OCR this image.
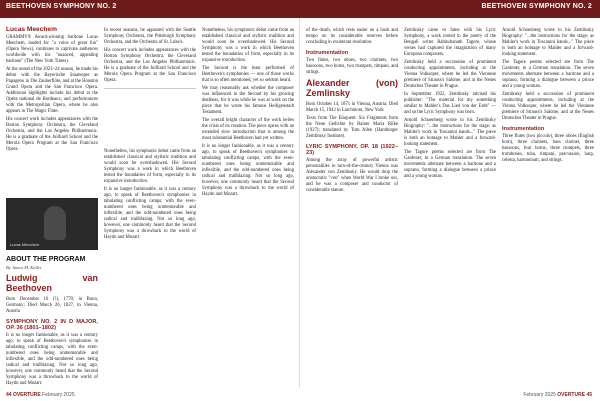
BEETHOVEN SYMPHONY NO. 2	BEETHOVEN SYMPHONY NO. 2
Lucas Meechem

GRAMMY® Award-winning baritone Lucas Meechem, lauded for "a voice of great fun" (Opera News), continues to captivate audiences worldwide with his "nuanced, appealing baritone" (The New York Times).

At the outset of the 2023–24 season, he made his debut with the Bayerische Staatsoper as Papageno in Die Zauberflöte, and at the Houston Grand Opera and the San Francisco Opera. Additional highlights include his debut at the Opéra national de Bordeaux, and performances with the Metropolitan Opera, where he also appears in The Magic Flute.

His concert work includes appearances with the Boston Symphony Orchestra, the Cleveland Orchestra, and the Los Angeles Philharmonic. He is a graduate of the Juilliard School and the Merola Opera Program at the San Francisco Opera.

Lucas Meechem
ABOUT THE PROGRAM
By James M. Keller
Ludwig van Beethoven

Born December 16 (?), 1770, in Bonn, Germany; Died March 26, 1827, in Vienna, Austria

SYMPHONY NO. 2 IN D MAJOR, OP. 36 (1801–1802)

It is no longer fashionable, as it was a century ago, to speak of Beethoven's symphonies in tabulating conflicting camps, with the even-numbered ones being unmemorable and inflexible, and the odd-numbered ones being radical and trailblazing. Not so long ago, however, one commonly heard that the Second Symphony was a throwback to the world of Haydn and Mozart.

In recent seasons, he appeared with the Seattle Symphony Orchestra, the Pittsburgh Symphony Orchestra, and the Orchestra of St. Luke's.

His concert work includes appearances with the Boston Symphony Orchestra, the Cleveland Orchestra, and the Los Angeles Philharmonic. He is a graduate of the Juilliard School and the Merola Opera Program at the San Francisco Opera.

Nonetheless, his symphonic debut came from an established classical and stylistic tradition and would soon be overshadowed. His Second Symphony was a work in which Beethoven tested the boundaries of form, especially in its expansive introduction.

It is no longer fashionable, as it was a century ago, to speak of Beethoven's symphonies in tabulating conflicting camps, with the even-numbered ones being unmemorable and inflexible, and the odd-numbered ones being radical and trailblazing. Not so long ago, however, one commonly heard that the Second Symphony was a throwback to the world of Haydn and Mozart.

Nonetheless, his symphonic debut came from an established classical and stylistic tradition and would soon be overshadowed. His Second Symphony was a work in which Beethoven tested the boundaries of form, especially in its expansive introduction.

The Second is the least performed of Beethoven's symphonies — one of those works that is so often mentioned, yet so seldom heard.

We may reasonably ask whether the composer was influenced in the Second by his growing deafness, for it was while he was at work on the piece that he wrote his famous Heiligenstadt Testament.

The overall bright character of the work belies the crisis of its creation. The piece opens with an extended slow introduction that is among the most substantial Beethoven had yet written.

It is no longer fashionable, as it was a century ago, to speak of Beethoven's symphonies in tabulating conflicting camps, with the even-numbered ones being unmemorable and inflexible, and the odd-numbered ones being radical and trailblazing. Not so long ago, however, one commonly heard that the Second Symphony was a throwback to the world of Haydn and Mozart.

44 OVERTURE February 2025

of the death, which rests easier on a hush and tempo on its considerable reserves before concluding in exuberant resolution.

Instrumentation

Two flutes, two oboes, two clarinets, two bassoons, two horns, two trumpets, timpani, and strings.

Alexander (von) Zemlinsky

Born October 14, 1871 in Vienna, Austria; Died March 15, 1942 in Larchmont, New York

Texts from The Eloquent: Six Fragments from the Neue Gedichte by Rainer Maria Rilke (1927); translated by Tom Allen (Hamburger Zemlinsky Institute).

LYRIC SYMPHONY, OP. 18 (1922–23)

Among the array of powerful artistic personalities in turn-of-the-century Vienna was Alexander von Zemlinsky. He would drop the aristocratic "von" when World War I broke out, and he was a composer and conductor of considerable stature.

Zemlinsky came to fame with his Lyric Symphony, a work rooted in the poetry of the Bengali writer Rabindranath Tagore, whose verses had captured the imagination of many European composers.

Zemlinsky held a succession of prominent conducting appointments, including at the Vienna Volksoper, where he led the Viennese premiere of Strauss's Salome, and at the Neues Deutsches Theater in Prague.

In September 1922, Zemlinsky advised his publisher: "The material for my something similar to Mahler's Das Lied von der Erde" — and so the Lyric Symphony was born.

Arnold Schoenberg wrote in his Zemlinsky Biography: "...the instructions for the stage; as Mahler's work in Toscanini hands..." The piece is both an homage to Mahler and a forward-looking statement.

The Tagore poems selected are from The Gardener, in a German translation. The seven movements alternate between a baritone and a soprano, forming a dialogue between a prince and a young woman.

Arnold Schoenberg wrote in his Zemlinsky Biography: "...the instructions for the stage; as Mahler's work in Toscanini hands..." The piece is both an homage to Mahler and a forward-looking statement.

The Tagore poems selected are from The Gardener, in a German translation. The seven movements alternate between a baritone and a soprano, forming a dialogue between a prince and a young woman.

Zemlinsky held a succession of prominent conducting appointments, including at the Vienna Volksoper, where he led the Viennese premiere of Strauss's Salome, and at the Neues Deutsches Theater in Prague.

Instrumentation

Three flutes (two piccolo), three oboes (English horn), three clarinets, bass clarinet, three bassoons, four horns, three trumpets, three trombones, tuba, timpani, percussion, harp, celesta, harmonium, and strings.

February 2025 OVERTURE 45
